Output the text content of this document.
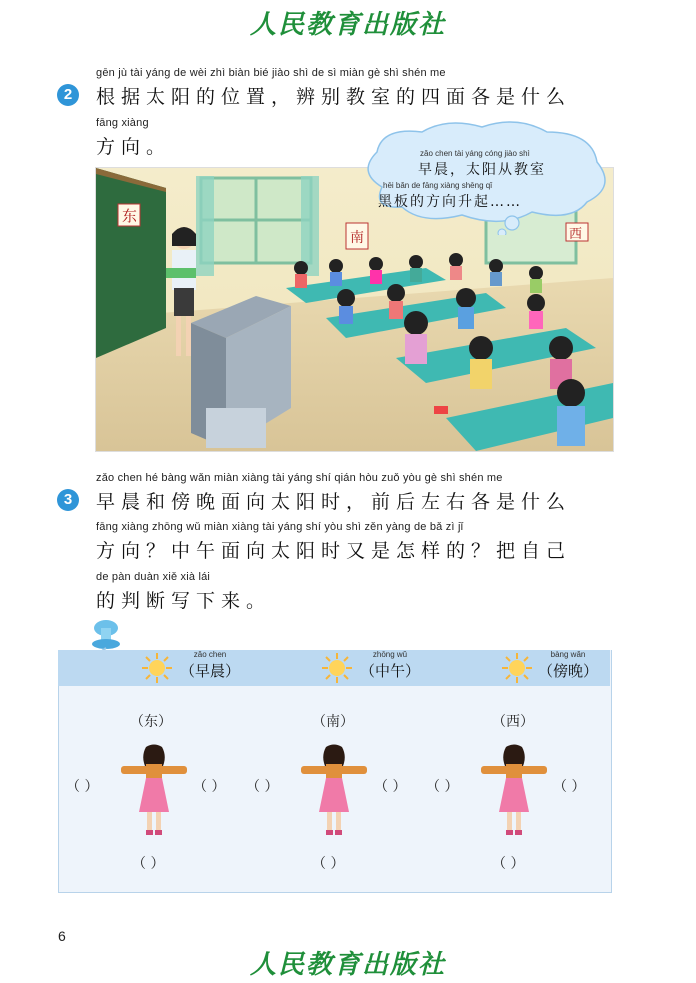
人民教育出版社
2
gēn jù tài yáng de wèi zhì biàn bié jiào shì de sì miàn gè shì shén me
根据太阳的位置，辨别教室的四面各是什么
fāng xiàng
方向。
东
南	西
zǎo chen tài yáng cóng jiào shì
早晨，太阳从教室
hēi bǎn de fāng xiàng shēng qǐ
黑板的方向升起……
3
zǎo chen hé bàng wǎn miàn xiàng tài yáng shí qián hòu zuǒ yòu gè shì shén me
早晨和傍晚面向太阳时，前后左右各是什么
fāng xiàng zhōng wǔ miàn xiàng tài yáng shí yòu shì zěn yàng de bǎ zì jǐ
方向？中午面向太阳时又是怎样的？把自己
de pàn duàn xiě xià lái
的判断写下来。
zǎo chen
（早晨）
zhōng wǔ
（中午）
bàng wǎn
（傍晚）
（东）
（ ）	（ ）
（ ）
（南）
（ ）	（ ）
（ ）
（西）
（ ）	（ ）
（ ）
6
人民教育出版社
